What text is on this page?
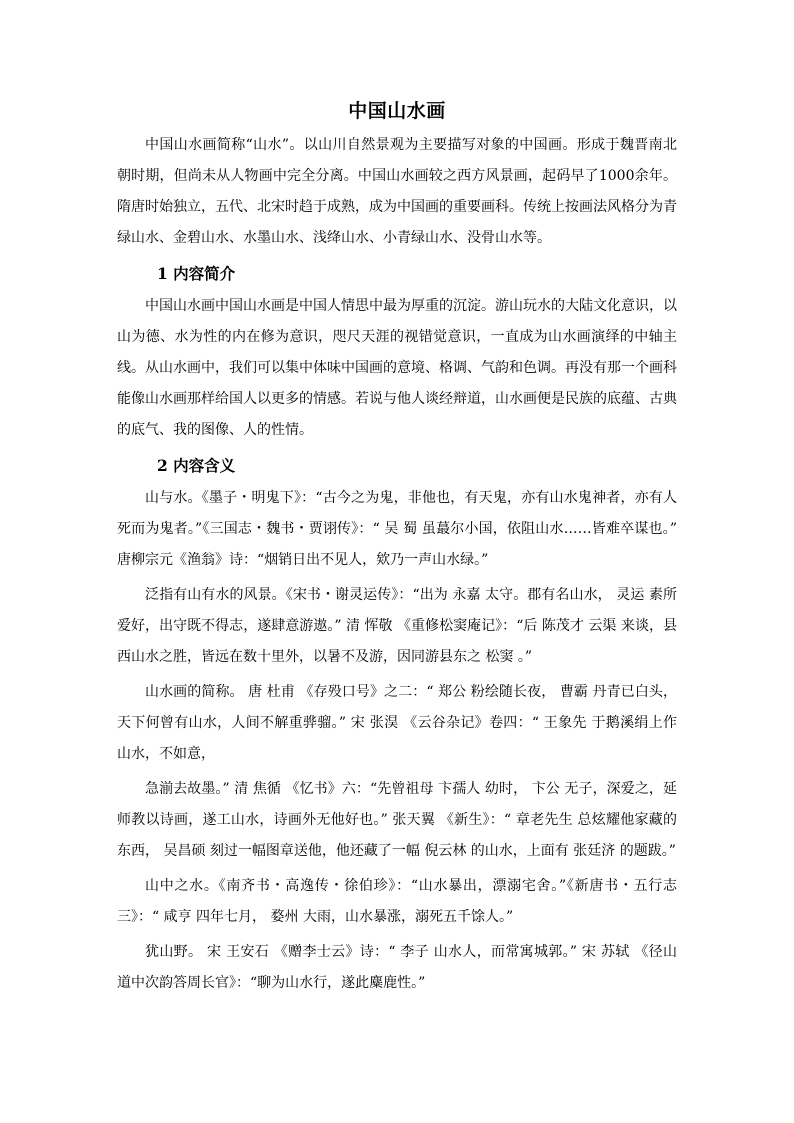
中国山水画

中国山水画简称“山水”。以山川自然景观为主要描写对象的中国画。形成于魏晋南北朝时期，但尚未从人物画中完全分离。中国山水画较之西方风景画，起码早了1000余年。隋唐时始独立，五代、北宋时趋于成熟，成为中国画的重要画科。传统上按画法风格分为青绿山水、金碧山水、水墨山水、浅绛山水、小青绿山水、没骨山水等。

1 内容简介

中国山水画中国山水画是中国人情思中最为厚重的沉淀。游山玩水的大陆文化意识，以山为德、水为性的内在修为意识，咫尺天涯的视错觉意识，一直成为山水画演绎的中轴主线。从山水画中，我们可以集中体味中国画的意境、格调、气韵和色调。再没有那一个画科能像山水画那样给国人以更多的情感。若说与他人谈经辩道，山水画便是民族的底蕴、古典的底气、我的图像、人的性情。

2 内容含义

山与水。《墨子・明鬼下》：“古今之为鬼，非他也，有天鬼，亦有山水鬼神者，亦有人死而为鬼者。”《三国志・魏书・贾诩传》：“ 吴 蜀 虽蕞尔小国，依阻山水……皆难卒谋也。” 唐柳宗元《渔翁》诗：“烟销日出不见人，欸乃一声山水绿。”

泛指有山有水的风景。《宋书・谢灵运传》：“出为 永嘉 太守。郡有名山水， 灵运 素所爱好，出守既不得志，遂肆意游遨。” 清 恽敬 《重修松窦庵记》：“后 陈茂才 云渠 来谈，县西山水之胜，皆远在数十里外，以暑不及游，因同游县东之 松窦 。”

山水画的简称。 唐 杜甫 《存殁口号》之二：“ 郑公 粉绘随长夜， 曹霸 丹青已白头，天下何曾有山水，人间不解重骅骝。” 宋 张淏 《云谷杂记》卷四：“ 王象先 于鹅溪绢上作山水，不如意，

急湔去故墨。” 清 焦循 《忆书》六：“先曾祖母 卞孺人 幼时， 卞公 无子，深爱之，延师教以诗画，遂工山水，诗画外无他好也。” 张天翼 《新生》：“ 章老先生 总炫耀他家藏的东西， 吴昌硕 刻过一幅图章送他，他还藏了一幅 倪云林 的山水，上面有 张廷济 的题跋。”

山中之水。《南齐书・高逸传・徐伯珍》：“山水暴出，漂溺宅舍。”《新唐书・五行志三》：“ 咸亨 四年七月， 婺州 大雨，山水暴涨，溺死五千馀人。”

犹山野。 宋 王安石 《赠李士云》诗：“ 李子 山水人，而常寓城郭。” 宋 苏轼 《径山道中次韵答周长官》：“聊为山水行，遂此麋鹿性。”
